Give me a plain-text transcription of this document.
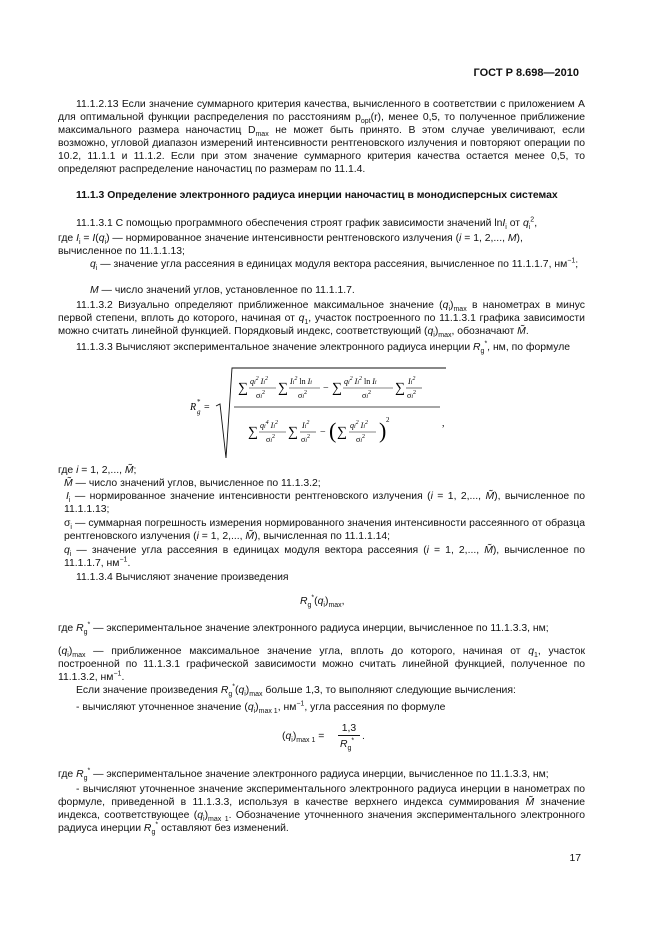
ГОСТ Р 8.698—2010
11.1.2.13 Если значение суммарного критерия качества, вычисленного в соответствии с приложением А для оптимальной функции распределения по расстояниям $p_{opt}(r)$, менее 0,5, то полученное приближение максимального размера наночастиц $D_{max}$ не может быть принято. В этом случае увеличивают, если возможно, угловой диапазон измерений интенсивности рентгеновского излучения и повторяют операции по 10.2, 11.1.1 и 11.1.2. Если при этом значение суммарного критерия качества остается менее 0,5, то определяют распределение наночастиц по размерам по 11.1.4.
11.1.3 Определение электронного радиуса инерции наночастиц в монодисперсных системах
11.1.3.1 С помощью программного обеспечения строят график зависимости значений lnI$_i$ от $q_i^2$,
где $I_i = I(q_i)$ — нормированное значение интенсивности рентгеновского излучения (i = 1, 2,..., M), вычисленное по 11.1.1.13;
$q_i$ — значение угла рассеяния в единицах модуля вектора рассеяния, вычисленное по 11.1.1.7, $нм^{-1}$;
M — число значений углов, установленное по 11.1.1.7.
11.1.3.2 Визуально определяют приближенное максимальное значение $(q_i)_{max}$ в нанометрах в минус первой степени, вплоть до которого, начиная от $q_1$, участок построенного по 11.1.3.1 графика зависимости можно считать линейной функцией. Порядковый индекс, соответствующий $(q_i)_{max}$, обозначают M̃.
11.1.3.3 Вычисляют экспериментальное значение электронного радиуса инерции $R_g^*$, нм, по формуле
R g
* =
∑ $qi^2$ Ii$^2$
$\sigma i^2$ ∑ Ii$^2$ ln Ii
$\sigma i^2$ − ∑ $qi^2$ Ii$^2$ ln Ii
$\sigma i^2$ ∑ Ii$^2$
$\sigma i^2$
,
∑ $qi^4$ Ii$^2$
$\sigma i^2$ ∑ Ii$^2$
$\sigma i^2$ − ( ∑ $qi^2$ Ii$^2$
$\sigma i^2$ ) 2
где i = 1, 2,..., M̃;
M̃ — число значений углов, вычисленное по 11.1.3.2;
$I_i$ — нормированное значение интенсивности рентгеновского излучения (i = 1, 2,..., M̃), вычисленное по 11.1.1.13;
$\sigma_i$ — суммарная погрешность измерения нормированного значения интенсивности рассеянного от образца рентгеновского излучения (i = 1, 2,..., M̃), вычисленная по 11.1.1.14;
$q_i$ — значение угла рассеяния в единицах модуля вектора рассеяния (i = 1, 2,..., M̃), вычисленное по 11.1.1.7, $нм^{-1}$.
11.1.3.4 Вычисляют значение произведения
$R_g^*(q_i)_{max}$,
где $R_g^*$ — экспериментальное значение электронного радиуса инерции, вычисленное по 11.1.3.3, нм;
$(q_i)_{max}$ — приближенное максимальное значение угла, вплоть до которого, начиная от $q_1$, участок построенной по 11.1.3.1 графической зависимости можно считать линейной функцией, полученное по 11.1.3.2, $нм^{-1}$.
Если значение произведения $R_g^*(q_i)_{max}$ больше 1,3, то выполняют следующие вычисления:
- вычисляют уточненное значение $(q_i)_{max 1}$, $нм^{-1}$, угла рассеяния по формуле
$(q_i)_{max 1}$ =
1,3
$R_g^*$ .
где $R_g^*$ — экспериментальное значение электронного радиуса инерции, вычисленное по 11.1.3.3, нм;
- вычисляют уточненное значение экспериментального электронного радиуса инерции в нанометрах по формуле, приведенной в 11.1.3.3, используя в качестве верхнего индекса суммирования M̃ значение индекса, соответствующее $(q_i)_{max 1}$. Обозначение уточненного значения экспериментального электронного радиуса инерции $R_g^*$ оставляют без изменений.
17
